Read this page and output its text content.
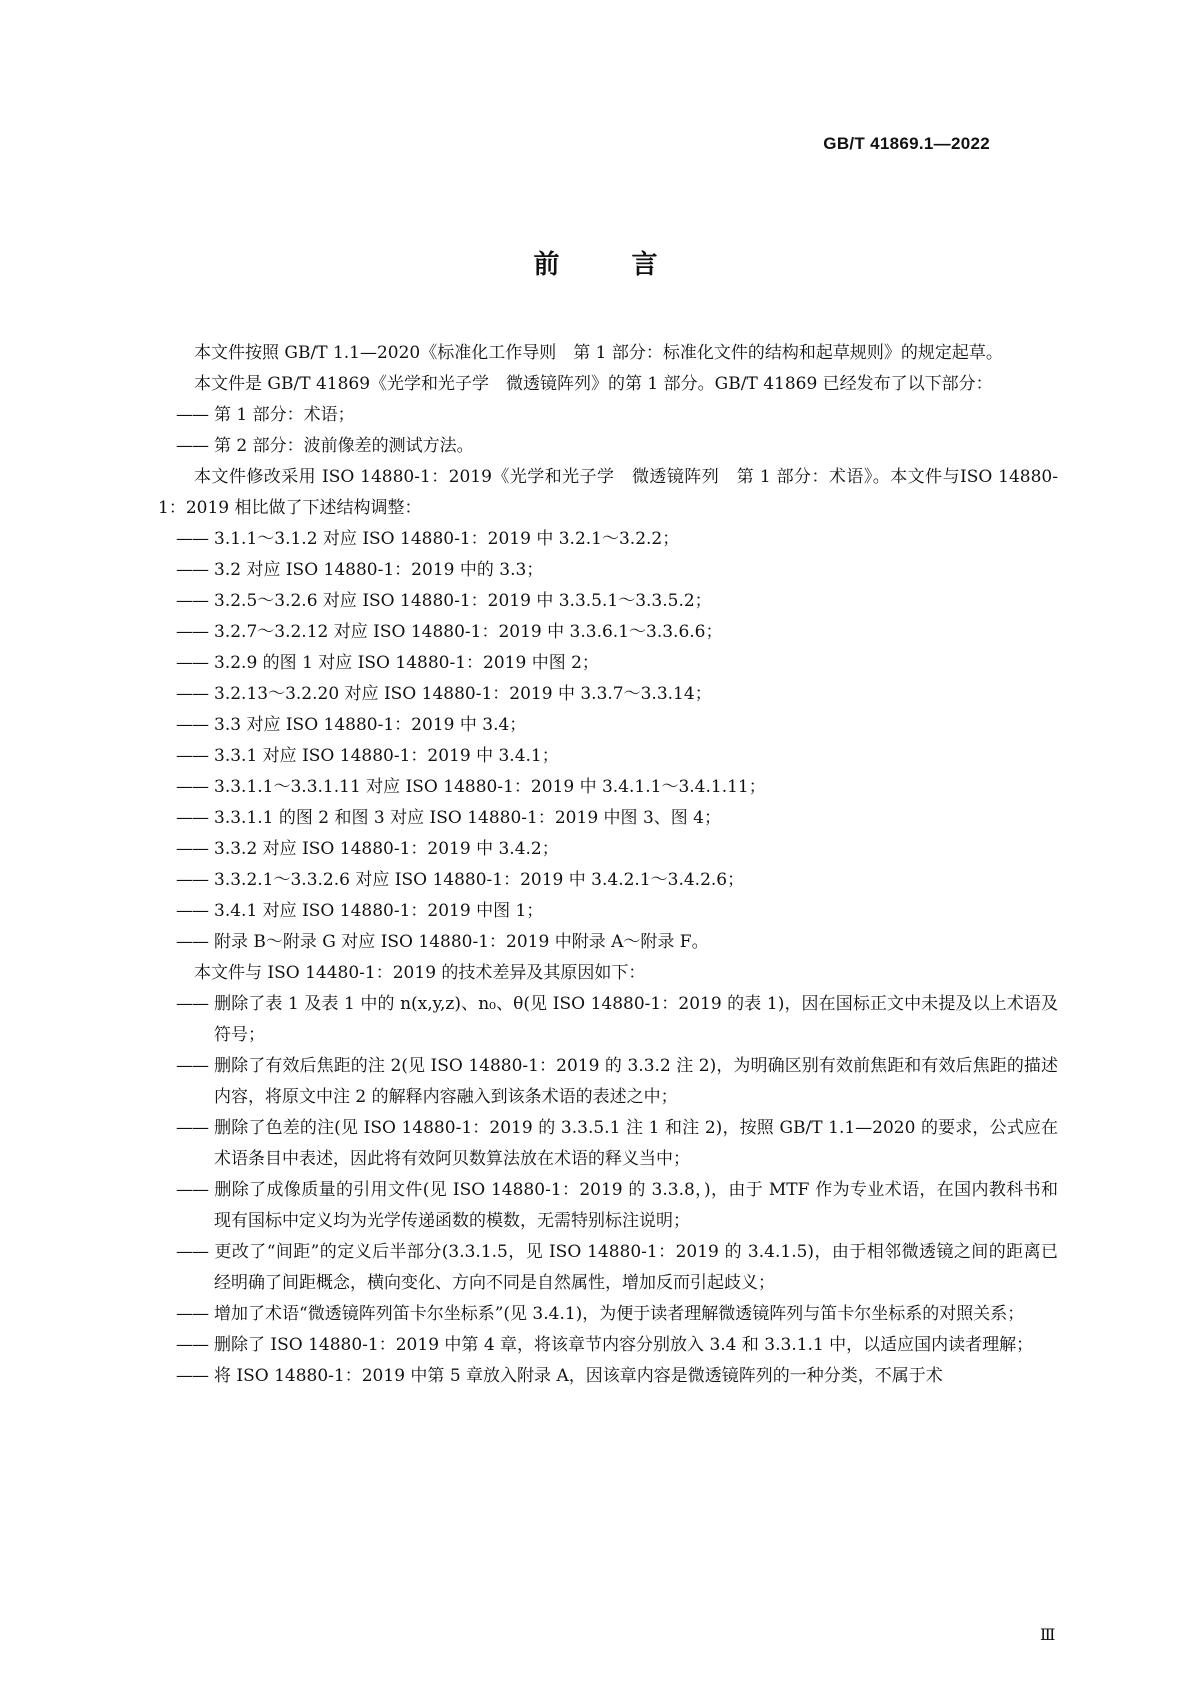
GB/T 41869.1—2022
前	言

本文件按照 GB/T 1.1—2020《标准化工作导则　第 1 部分：标准化文件的结构和起草规则》的规定起草。

本文件是 GB/T 41869《光学和光子学　微透镜阵列》的第 1 部分。GB/T 41869 已经发布了以下部分：

—— 第 1 部分：术语；

—— 第 2 部分：波前像差的测试方法。

本文件修改采用 ISO 14880-1：2019《光学和光子学　微透镜阵列　第 1 部分：术语》。本文件与ISO 14880-1：2019 相比做了下述结构调整：

—— 3.1.1～3.1.2 对应 ISO 14880-1：2019 中 3.2.1～3.2.2；

—— 3.2 对应 ISO 14880-1：2019 中的 3.3；

—— 3.2.5～3.2.6 对应 ISO 14880-1：2019 中 3.3.5.1～3.3.5.2；

—— 3.2.7～3.2.12 对应 ISO 14880-1：2019 中 3.3.6.1～3.3.6.6；

—— 3.2.9 的图 1 对应 ISO 14880-1：2019 中图 2；

—— 3.2.13～3.2.20 对应 ISO 14880-1：2019 中 3.3.7～3.3.14；

—— 3.3 对应 ISO 14880-1：2019 中 3.4；

—— 3.3.1 对应 ISO 14880-1：2019 中 3.4.1；

—— 3.3.1.1～3.3.1.11 对应 ISO 14880-1：2019 中 3.4.1.1～3.4.1.11；

—— 3.3.1.1 的图 2 和图 3 对应 ISO 14880-1：2019 中图 3、图 4；

—— 3.3.2 对应 ISO 14880-1：2019 中 3.4.2；

—— 3.3.2.1～3.3.2.6 对应 ISO 14880-1：2019 中 3.4.2.1～3.4.2.6；

—— 3.4.1 对应 ISO 14880-1：2019 中图 1；

—— 附录 B～附录 G 对应 ISO 14880-1：2019 中附录 A～附录 F。

本文件与 ISO 14480-1：2019 的技术差异及其原因如下：

—— 删除了表 1 及表 1 中的 n(x,y,z)、n₀、θ(见 ISO 14880-1：2019 的表 1)，因在国标正文中未提及以上术语及符号；

—— 删除了有效后焦距的注 2(见 ISO 14880-1：2019 的 3.3.2 注 2)，为明确区别有效前焦距和有效后焦距的描述内容，将原文中注 2 的解释内容融入到该条术语的表述之中；

—— 删除了色差的注(见 ISO 14880-1：2019 的 3.3.5.1 注 1 和注 2)，按照 GB/T 1.1—2020 的要求，公式应在术语条目中表述，因此将有效阿贝数算法放在术语的释义当中；

—— 删除了成像质量的引用文件(见 ISO 14880-1：2019 的 3.3.8，)，由于 MTF 作为专业术语，在国内教科书和现有国标中定义均为光学传递函数的模数，无需特别标注说明；

—— 更改了“间距”的定义后半部分(3.3.1.5，见 ISO 14880-1：2019 的 3.4.1.5)，由于相邻微透镜之间的距离已经明确了间距概念，横向变化、方向不同是自然属性，增加反而引起歧义；

—— 增加了术语“微透镜阵列笛卡尔坐标系”(见 3.4.1)，为便于读者理解微透镜阵列与笛卡尔坐标系的对照关系；

—— 删除了 ISO 14880-1：2019 中第 4 章，将该章节内容分别放入 3.4 和 3.3.1.1 中，以适应国内读者理解；

—— 将 ISO 14880-1：2019 中第 5 章放入附录 A，因该章内容是微透镜阵列的一种分类，不属于术

Ⅲ
